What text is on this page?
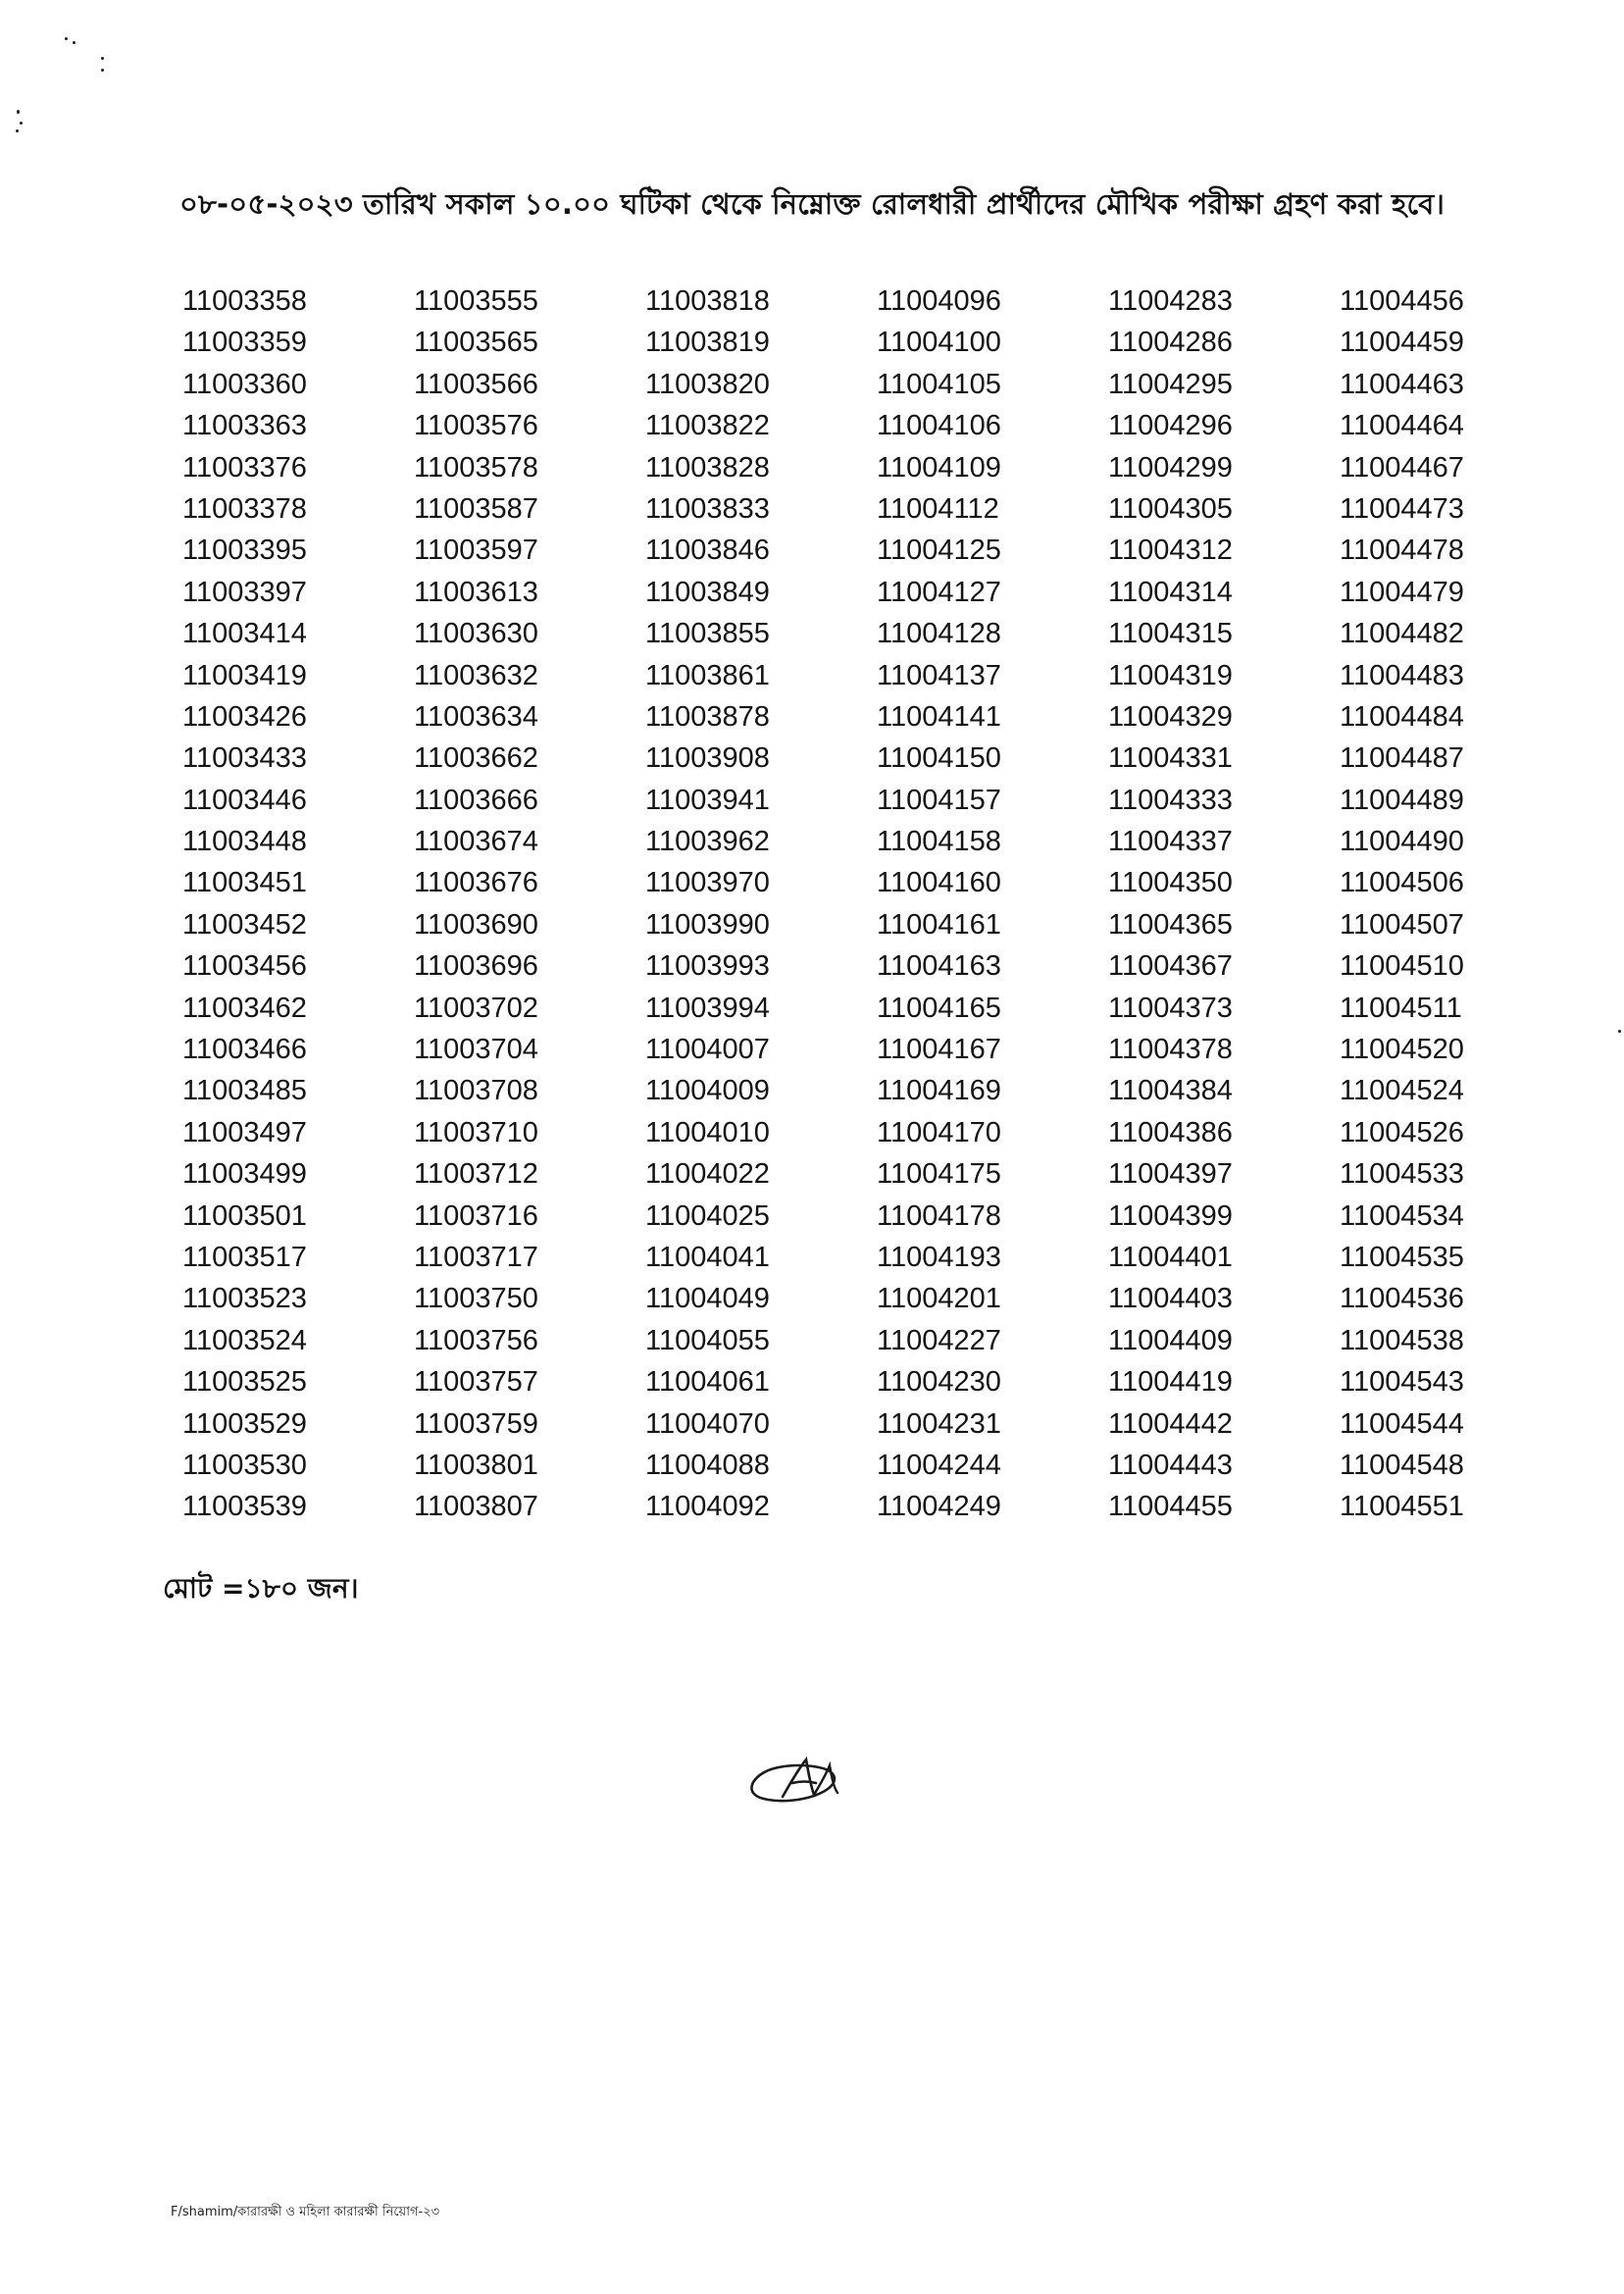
০৮-০৫-২০২৩ তারিখ সকাল ১০.০০ ঘটিকা থেকে নিম্নোক্ত রোলধারী প্রার্থীদের মৌখিক পরীক্ষা গ্রহণ করা হবে।
11003358
11003359
11003360
11003363
11003376
11003378
11003395
11003397
11003414
11003419
11003426
11003433
11003446
11003448
11003451
11003452
11003456
11003462
11003466
11003485
11003497
11003499
11003501
11003517
11003523
11003524
11003525
11003529
11003530
11003539
11003555
11003565
11003566
11003576
11003578
11003587
11003597
11003613
11003630
11003632
11003634
11003662
11003666
11003674
11003676
11003690
11003696
11003702
11003704
11003708
11003710
11003712
11003716
11003717
11003750
11003756
11003757
11003759
11003801
11003807
11003818
11003819
11003820
11003822
11003828
11003833
11003846
11003849
11003855
11003861
11003878
11003908
11003941
11003962
11003970
11003990
11003993
11003994
11004007
11004009
11004010
11004022
11004025
11004041
11004049
11004055
11004061
11004070
11004088
11004092
11004096
11004100
11004105
11004106
11004109
11004112
11004125
11004127
11004128
11004137
11004141
11004150
11004157
11004158
11004160
11004161
11004163
11004165
11004167
11004169
11004170
11004175
11004178
11004193
11004201
11004227
11004230
11004231
11004244
11004249
11004283
11004286
11004295
11004296
11004299
11004305
11004312
11004314
11004315
11004319
11004329
11004331
11004333
11004337
11004350
11004365
11004367
11004373
11004378
11004384
11004386
11004397
11004399
11004401
11004403
11004409
11004419
11004442
11004443
11004455
11004456
11004459
11004463
11004464
11004467
11004473
11004478
11004479
11004482
11004483
11004484
11004487
11004489
11004490
11004506
11004507
11004510
11004511
11004520
11004524
11004526
11004533
11004534
11004535
11004536
11004538
11004543
11004544
11004548
11004551
মোট =১৮০ জন।
F/shamim/কারারক্ষী ও মহিলা কারারক্ষী নিয়োগ-২৩
